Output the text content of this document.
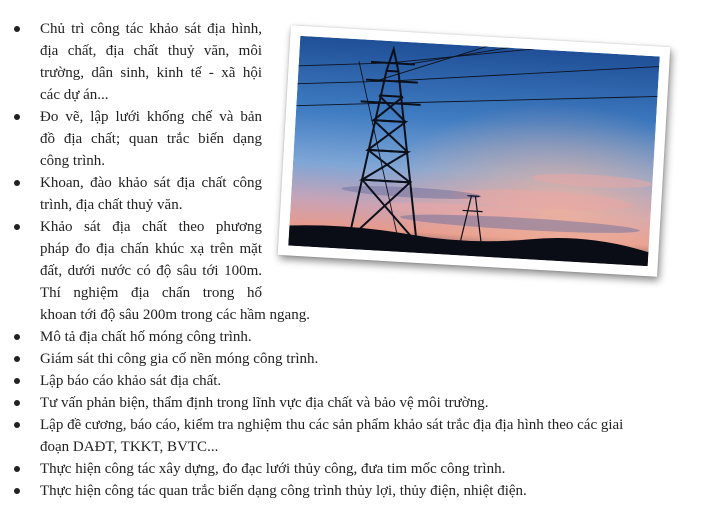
Chủ trì công tác khảo sát địa hình,
địa chất, địa chất thuỷ văn, môi
trường, dân sinh, kinh tế - xã hội
các dự án...
Đo vẽ, lập lưới khống chế và bản
đồ địa chất; quan trắc biến dạng
công trình.
Khoan, đào khảo sát địa chất công
trình, địa chất thuỷ văn.
Khảo sát địa chất theo phương
pháp đo địa chấn khúc xạ trên mặt
đất, dưới nước có độ sâu tới 100m.
Thí nghiệm địa chấn trong hố
khoan tới độ sâu 200m trong các hầm ngang.
Mô tả địa chất hố móng công trình.
Giám sát thi công gia cố nền móng công trình.
Lập báo cáo khảo sát địa chất.
Tư vấn phản biện, thẩm định trong lĩnh vực địa chất và bảo vệ môi trường.
Lập đề cương, báo cáo, kiểm tra nghiệm thu các sản phẩm khảo sát trắc địa địa hình theo các giai
đoạn DAĐT, TKKT, BVTC...
Thực hiện công tác xây dựng, đo đạc lưới thủy công, đưa tim mốc công trình.
Thực hiện công tác quan trắc biến dạng công trình thủy lợi, thủy điện, nhiệt điện.
